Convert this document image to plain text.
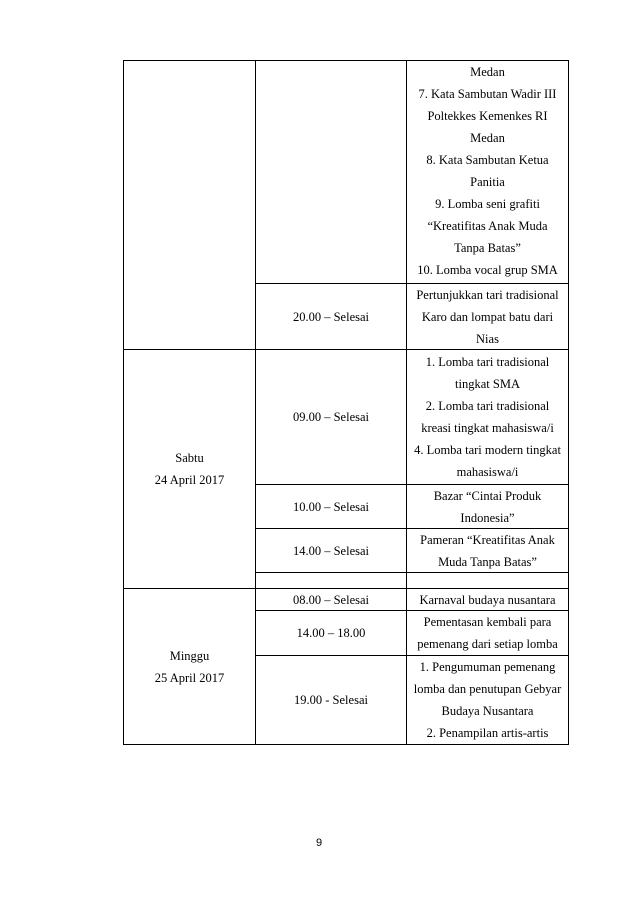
Medan
7. Kata Sambutan Wadir III
Poltekkes Kemenkes RI
Medan
8. Kata Sambutan Ketua
Panitia
9. Lomba seni grafiti
“Kreatifitas Anak Muda
Tanpa Batas”
10. Lomba vocal grup SMA
20.00 – Selesai
Pertunjukkan tari tradisional
Karo dan lompat batu dari
Nias
Sabtu
24 April 2017
09.00 – Selesai
1. Lomba tari tradisional
tingkat SMA
2. Lomba tari tradisional
kreasi tingkat mahasiswa/i
4. Lomba tari modern tingkat
mahasiswa/i
10.00 – Selesai
Bazar “Cintai Produk
Indonesia”
14.00 – Selesai
Pameran “Kreatifitas Anak
Muda Tanpa Batas”
Minggu
25 April 2017
08.00 – Selesai	Karnaval budaya nusantara
14.00 – 18.00
Pementasan kembali para
pemenang dari setiap lomba
19.00 - Selesai
1. Pengumuman pemenang
lomba dan penutupan Gebyar
Budaya Nusantara
2. Penampilan artis-artis
9
